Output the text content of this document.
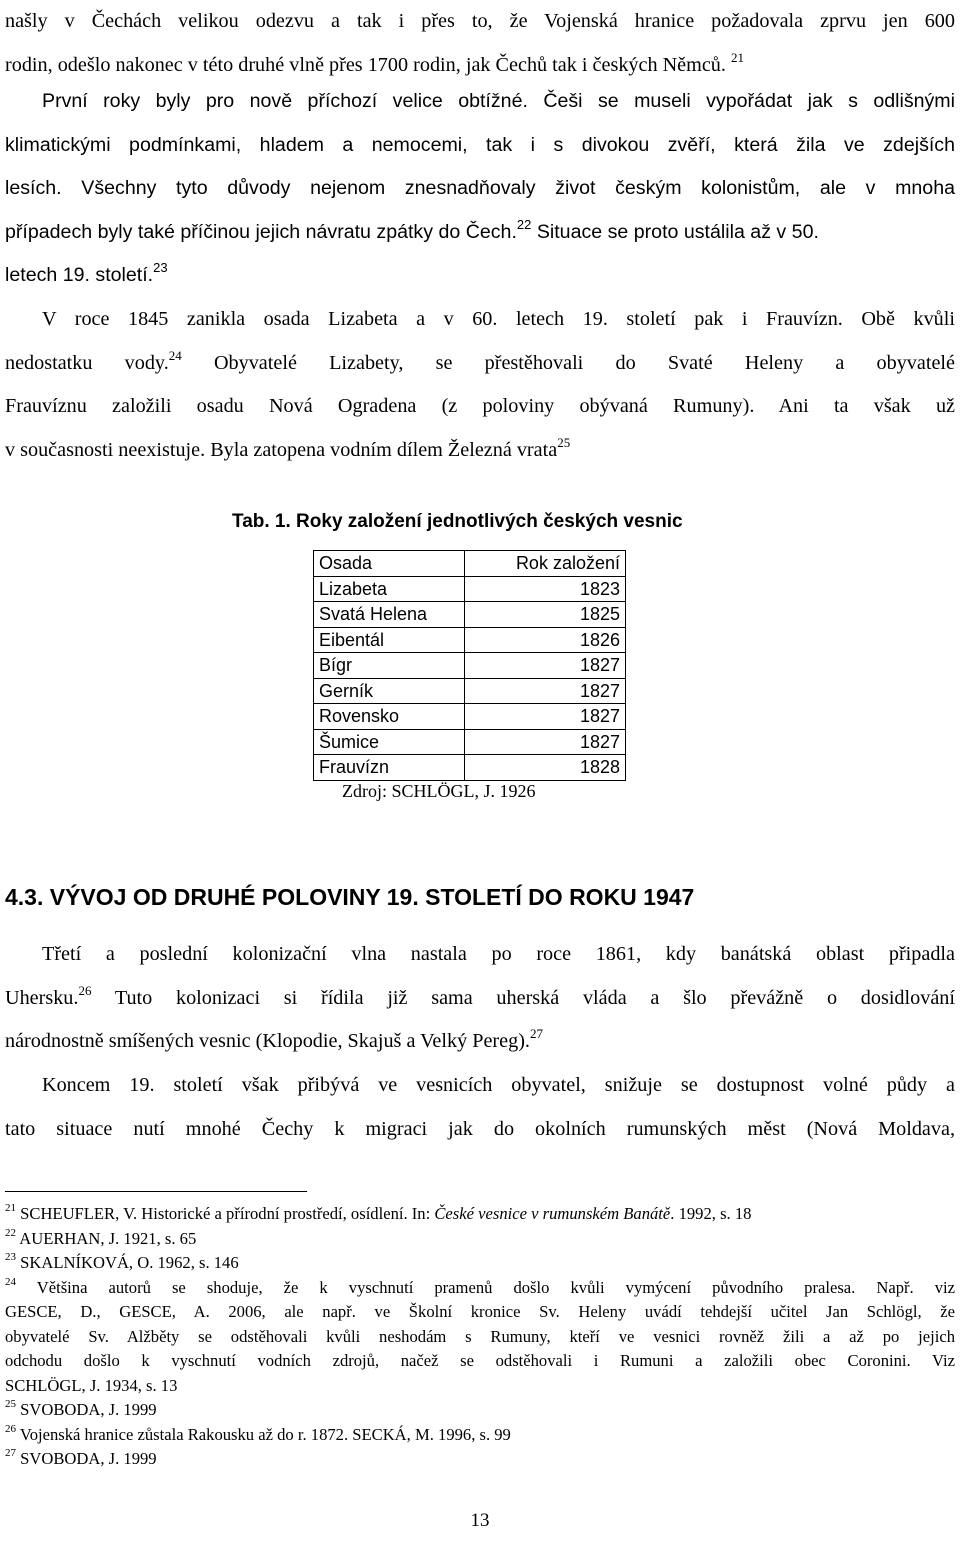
našly v Čechách velikou odezvu a tak i přes to, že Vojenská hranice požadovala zprvu jen 600
rodin, odešlo nakonec v této druhé vlně přes 1700 rodin, jak Čechů tak i českých Němců. $^{21}$

První roky byly pro nově příchozí velice obtížné. Češi se museli vypořádat jak s odlišnými
klimatickými podmínkami, hladem a nemocemi, tak i s divokou zvěří, která žila ve zdejších
lesích. Všechny tyto důvody nejenom znesnadňovaly život českým kolonistům, ale v mnoha
případech byly také příčinou jejich návratu zpátky do Čech.$^{22}$ Situace se proto ustálila až v 50.
letech 19. století.$^{23}$

V roce 1845 zanikla osada Lizabeta a v 60. letech 19. století pak i Frauvízn. Obě kvůli
nedostatku vody.$^{24}$ Obyvatelé Lizabety, se přestěhovali do Svaté Heleny a obyvatelé
Frauvíznu založili osadu Nová Ogradena (z poloviny obývaná Rumuny). Ani ta však už
v současnosti neexistuje. Byla zatopena vodním dílem Železná vrata$^{25}$

Tab. 1. Roky založení jednotlivých českých vesnic

Osada	Rok založení
Lizabeta	1823
Svatá Helena	1825
Eibentál	1826
Bígr	1827
Gerník	1827
Rovensko	1827
Šumice	1827
Frauvízn	1828

Zdroj: SCHLÖGL, J. 1926

4.3. VÝVOJ OD DRUHÉ POLOVINY 19. STOLETÍ DO ROKU 1947

Třetí a poslední kolonizační vlna nastala po roce 1861, kdy banátská oblast připadla
Uhersku.$^{26}$ Tuto kolonizaci si řídila již sama uherská vláda a šlo převážně o dosidlování
národnostně smíšených vesnic (Klopodie, Skajuš a Velký Pereg).$^{27}$

Koncem 19. století však přibývá ve vesnicích obyvatel, snižuje se dostupnost volné půdy a
tato situace nutí mnohé Čechy k migraci jak do okolních rumunských měst (Nová Moldava,

$^{21}$ SCHEUFLER, V. Historické a přírodní prostředí, osídlení. In: České vesnice v rumunském Banátě. 1992, s. 18
$^{22}$ AUERHAN, J. 1921, s. 65
$^{23}$ SKALNÍKOVÁ, O. 1962, s. 146
$^{24}$ Většina autorů se shoduje, že k vyschnutí pramenů došlo kvůli vymýcení původního pralesa. Např. viz
GESCE, D., GESCE, A. 2006, ale např. ve Školní kronice Sv. Heleny uvádí tehdejší učitel Jan Schlögl, že
obyvatelé Sv. Alžběty se odstěhovali kvůli neshodám s Rumuny, kteří ve vesnici rovněž žili a až po jejich
odchodu došlo k vyschnutí vodních zdrojů, načež se odstěhovali i Rumuni a založili obec Coronini. Viz
SCHLÖGL, J. 1934, s. 13
$^{25}$ SVOBODA, J. 1999
$^{26}$ Vojenská hranice zůstala Rakousku až do r. 1872. SECKÁ, M. 1996, s. 99
$^{27}$ SVOBODA, J. 1999

13
